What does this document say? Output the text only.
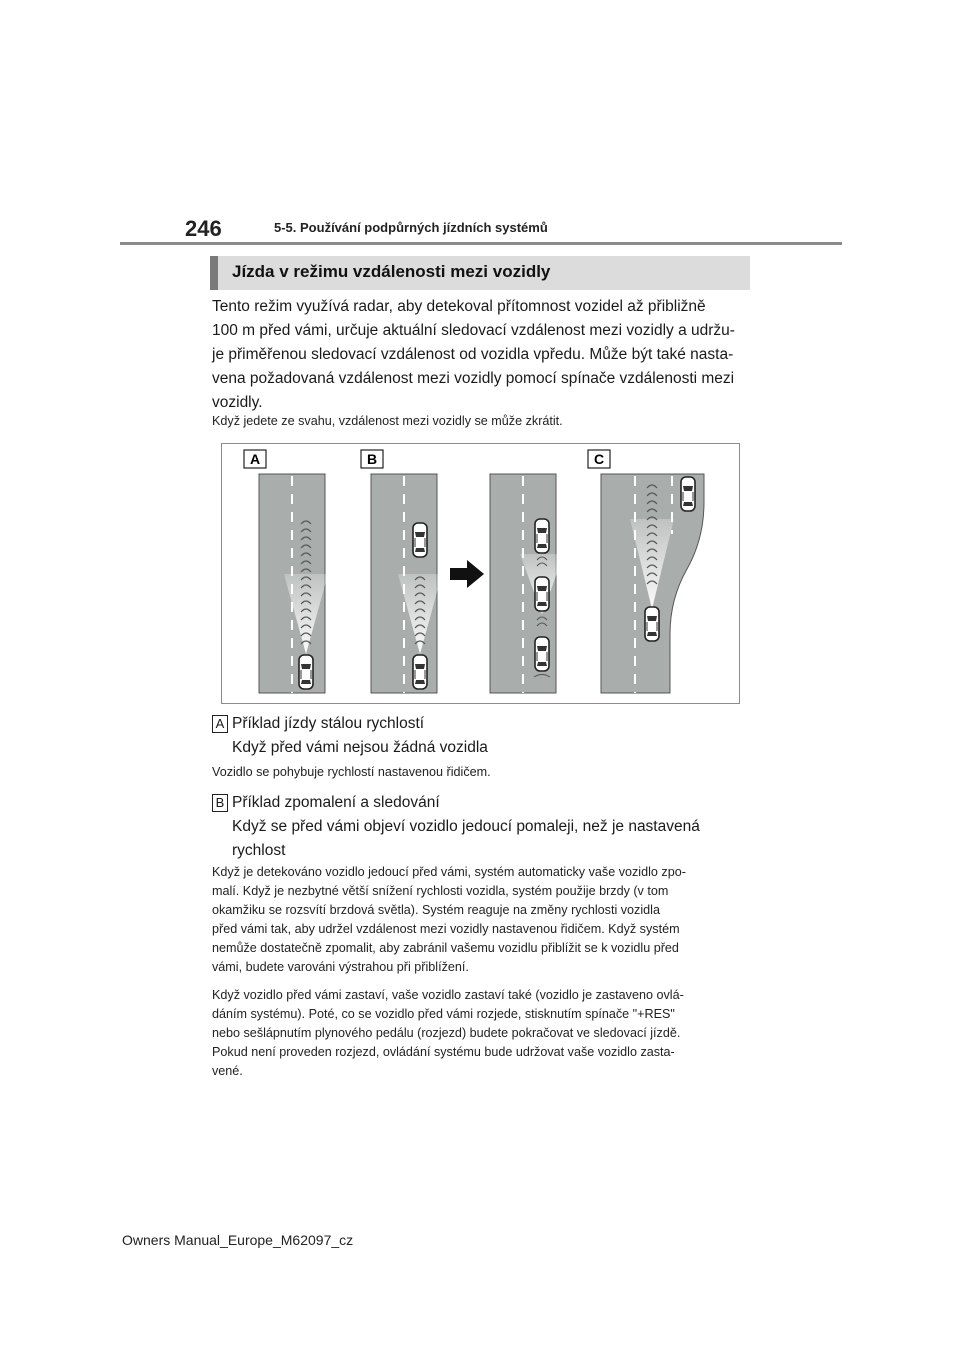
246	5-5. Používání podpůrných jízdních systémů
Jízda v režimu vzdálenosti mezi vozidly
Tento režim využívá radar, aby detekoval přítomnost vozidel až přibližně
100 m před vámi, určuje aktuální sledovací vzdálenost mezi vozidly a udržu-
je přiměřenou sledovací vzdálenost od vozidla vpředu. Může být také nasta-
vena požadovaná vzdálenost mezi vozidly pomocí spínače vzdálenosti mezi
vozidly.
Když jedete ze svahu, vzdálenost mezi vozidly se může zkrátit.
A	B	C
A Příklad jízdy stálou rychlostí
Když před vámi nejsou žádná vozidla
Vozidlo se pohybuje rychlostí nastavenou řidičem.
B Příklad zpomalení a sledování
Když se před vámi objeví vozidlo jedoucí pomaleji, než je nastavená
rychlost
Když je detekováno vozidlo jedoucí před vámi, systém automaticky vaše vozidlo zpo-
malí. Když je nezbytné větší snížení rychlosti vozidla, systém použije brzdy (v tom
okamžiku se rozsvítí brzdová světla). Systém reaguje na změny rychlosti vozidla
před vámi tak, aby udržel vzdálenost mezi vozidly nastavenou řidičem. Když systém
nemůže dostatečně zpomalit, aby zabránil vašemu vozidlu přiblížit se k vozidlu před
vámi, budete varováni výstrahou při přiblížení.
Když vozidlo před vámi zastaví, vaše vozidlo zastaví také (vozidlo je zastaveno ovlá-
dáním systému). Poté, co se vozidlo před vámi rozjede, stisknutím spínače "+RES"
nebo sešlápnutím plynového pedálu (rozjezd) budete pokračovat ve sledovací jízdě.
Pokud není proveden rozjezd, ovládání systému bude udržovat vaše vozidlo zasta-
vené.
Owners Manual_Europe_M62097_cz
